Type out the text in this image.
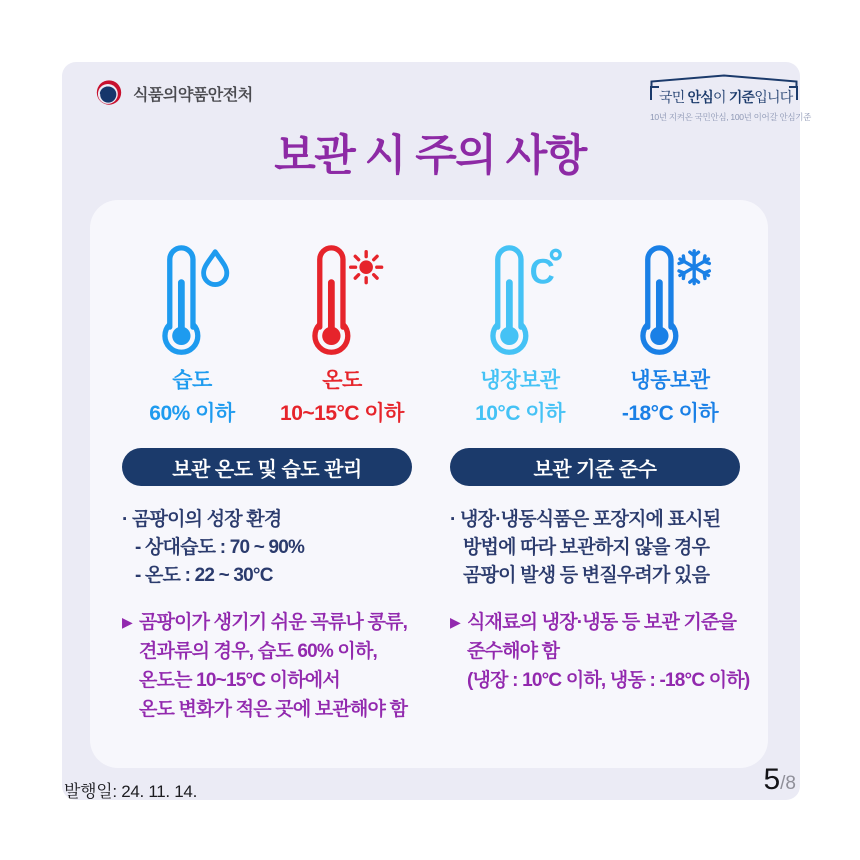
식품의약품안전처	국민 안심이 기준입니다
10년 지켜온 국민안심, 100년 이어갈 안심기준
보관 시 주의 사항
습도
60% 이하
온도
10~15°C 이하
보관 온도 및 습도 관리
· 곰팡이의 성장 환경
- 상대습도 : 70 ~ 90%
- 온도 : 22 ~ 30°C
▶ 곰팡이가 생기기 쉬운 곡류나 콩류,
견과류의 경우, 습도 60% 이하,
온도는 10~15°C 이하에서
온도 변화가 적은 곳에 보관해야 함
C
냉장보관
10°C 이하
냉동보관
-18°C 이하
보관 기준 준수
· 냉장·냉동식품은 포장지에 표시된
방법에 따라 보관하지 않을 경우
곰팡이 발생 등 변질우려가 있음
▶ 식재료의 냉장·냉동 등 보관 기준을
준수해야 함
(냉장 : 10°C 이하, 냉동 : -18°C 이하)
발행일: 24. 11. 14.	5/8
